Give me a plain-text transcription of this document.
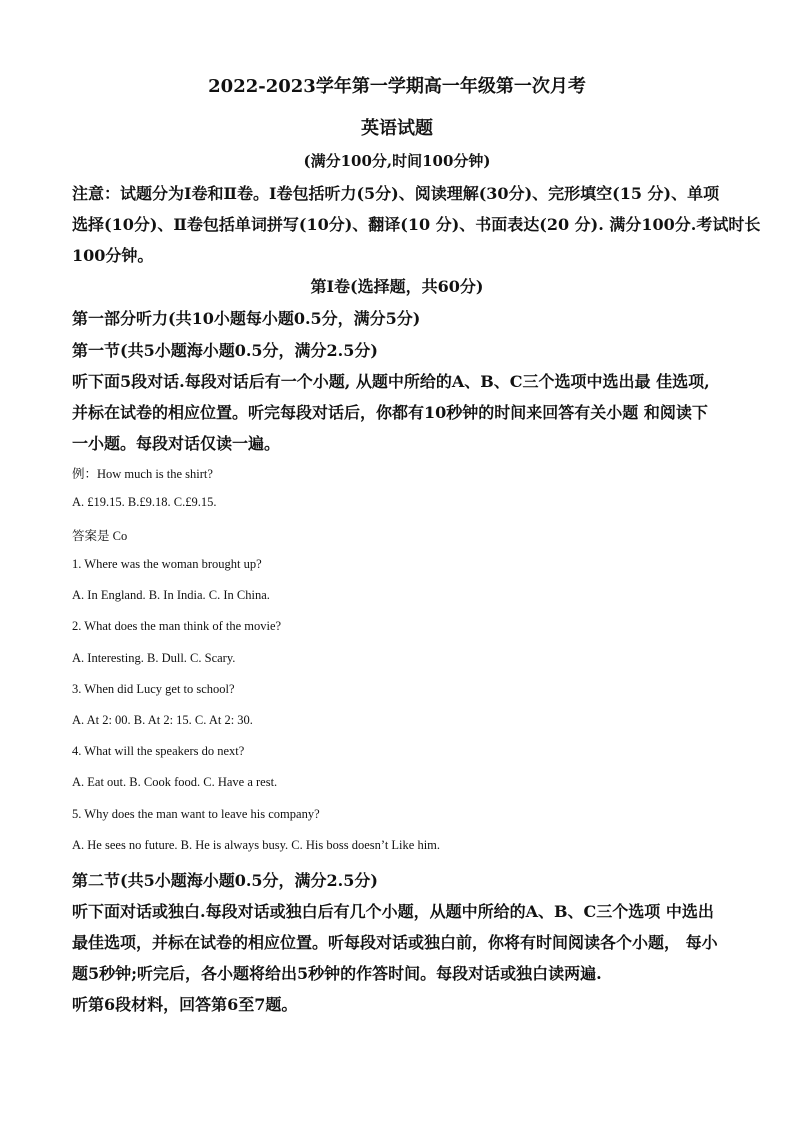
2022-2023学年第一学期高一年级第一次月考
英语试题
(满分100分,时间100分钟)
注意：试题分为Ⅰ卷和Ⅱ卷。I卷包括听力(5分)、阅读理解(30分)、完形填空(15 分)、单项
选择(10分)、Ⅱ卷包括单词拼写(10分)、翻译(10 分)、书面表达(20 分). 满分100分.考试时长
100分钟。
第Ⅰ卷(选择题，共60分)
第一部分听力(共10小题每小题0.5分，满分5分)
第一节(共5小题海小题0.5分，满分2.5分)
听下面5段对话.每段对话后有一个小题, 从题中所给的A、B、C三个选项中选出最 佳选项,
并标在试卷的相应位置。听完每段对话后，你都有10秒钟的时间来回答有关小题 和阅读下
一小题。每段对话仅读一遍。
例：How much is the shirt?
A. £19.15. B.£9.18. C.£9.15.
答案是 Co
1. Where was the woman brought up?
A. In England. B. In India. C. In China.
2. What does the man think of the movie?
A. Interesting. B. Dull. C. Scary.
3. When did Lucy get to school?
A. At 2: 00. B. At 2: 15. C. At 2: 30.
4. What will the speakers do next?
A. Eat out. B. Cook food. C. Have a rest.
5. Why does the man want to leave his company?
A. He sees no future. B. He is always busy. C. His boss doesn’t Like him.
第二节(共5小题海小题0.5分，满分2.5分)
听下面对话或独白.每段对话或独白后有几个小题，从题中所给的A、B、C三个选项 中选出
最佳选项，并标在试卷的相应位置。听每段对话或独白前，你将有时间阅读各个小题， 每小
题5秒钟;听完后，各小题将给出5秒钟的作答时间。每段对话或独白读两遍.
听第6段材料，回答第6至7题。
